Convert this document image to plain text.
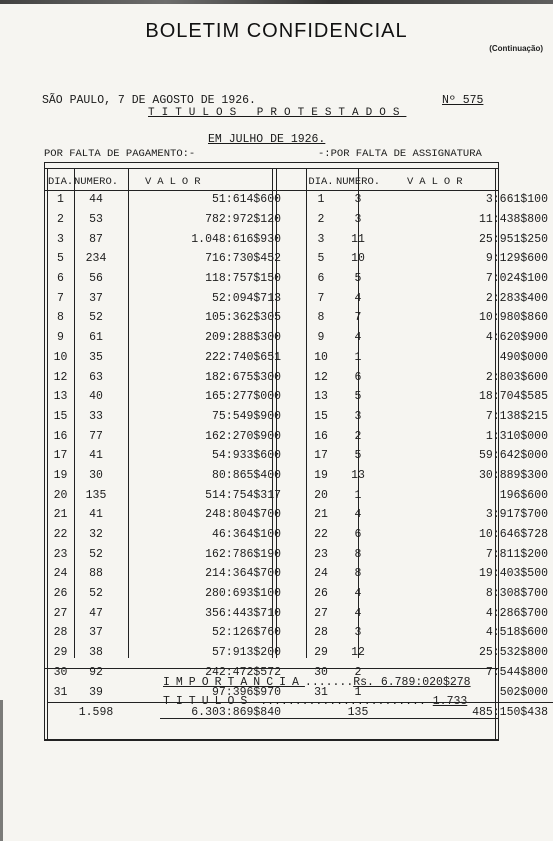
BOLETIM CONFIDENCIAL
(Continuação)
SÃO PAULO, 7 DE AGOSTO DE 1926.	Nº 575
TITULOS PROTESTADOS
EM JULHO DE 1926.
POR FALTA DE PAGAMENTO:-	-:POR FALTA DE ASSIGNATURA
DIA.	NUMERO.	VALOR		DIA.	NUMERO.	VALOR
1	44	51:614$600		1	3	3:661$100
2	53	782:972$120		2	3	11:438$800
3	87	1.048:616$930		3	11	25:951$250
5	234	716:730$452		5	10	9:129$600
6	56	118:757$150		6	5	7:024$100
7	37	52:094$713		7	4	2:283$400
8	52	105:362$305		8	7	10:980$860
9	61	209:288$300		9	4	4:620$900
10	35	222:740$651		10	1	490$000
12	63	182:675$300		12	6	2:803$600
13	40	165:277$000		13	5	18:704$585
15	33	75:549$900		15	3	7:138$215
16	77	162:270$900		16	2	1:310$000
17	41	54:933$600		17	5	59:642$000
19	30	80:865$400		19	13	30:889$300
20	135	514:754$317		20	1	196$600
21	41	248:804$700		21	4	3:917$700
22	32	46:364$100		22	6	10:646$728
23	52	162:786$190		23	8	7:811$200
24	88	214:364$700		24	8	19:403$500
26	52	280:693$100		26	4	8:308$700
27	47	356:443$710		27	4	4:286$700
28	37	52:126$760		28	3	4:518$600
29	38	57:913$200		29	12	25:532$800
30	92	242:472$572		30	2	7:544$800
31	39	97:396$970		31	1	502$000
	1.598	6.303:869$840			135	485:150$438
IMPORTANCIA.......Rs. 6.789:020$278
TITULOS ........................ 1.733
